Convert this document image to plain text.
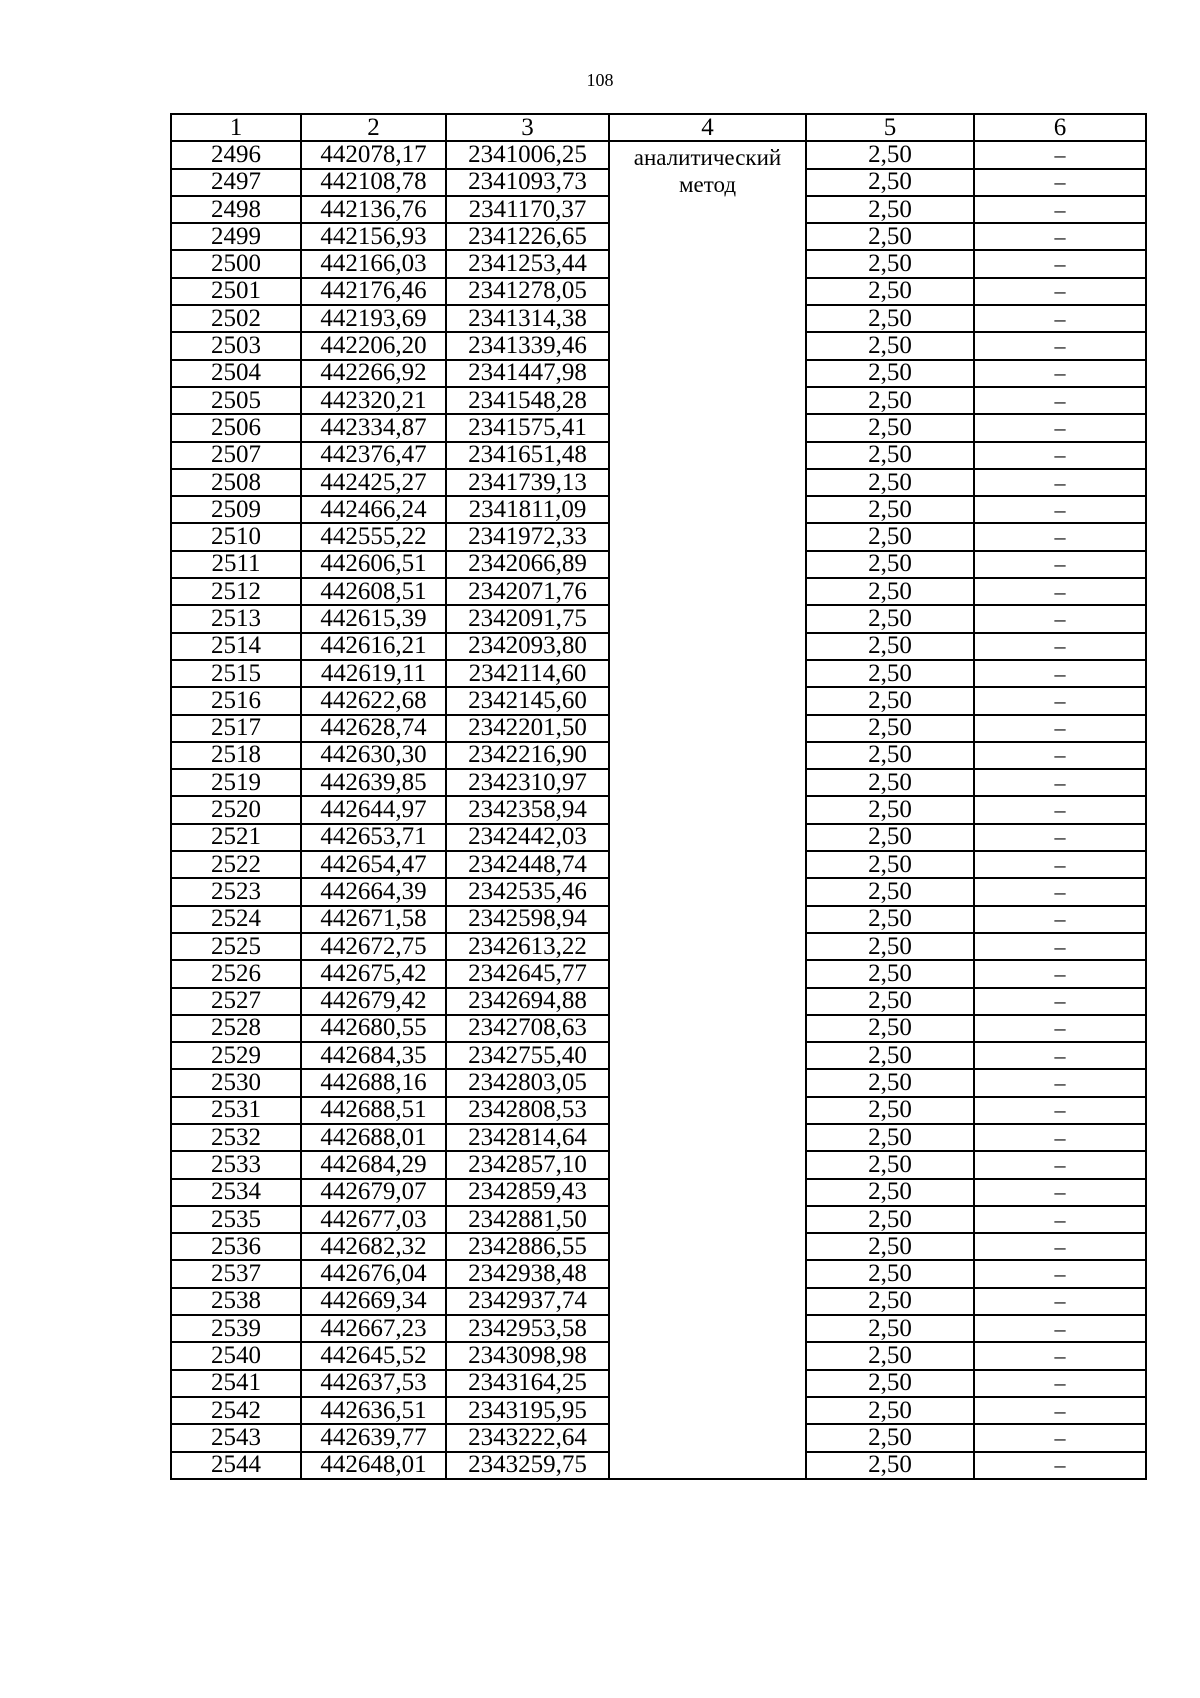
108
1	2	3	4	5	6
2496	442078,17	2341006,25	аналитический метод	2,50	–
2497	442108,78	2341093,73		2,50	–
2498	442136,76	2341170,37		2,50	–
2499	442156,93	2341226,65		2,50	–
2500	442166,03	2341253,44		2,50	–
2501	442176,46	2341278,05		2,50	–
2502	442193,69	2341314,38		2,50	–
2503	442206,20	2341339,46		2,50	–
2504	442266,92	2341447,98		2,50	–
2505	442320,21	2341548,28		2,50	–
2506	442334,87	2341575,41		2,50	–
2507	442376,47	2341651,48		2,50	–
2508	442425,27	2341739,13		2,50	–
2509	442466,24	2341811,09		2,50	–
2510	442555,22	2341972,33		2,50	–
2511	442606,51	2342066,89		2,50	–
2512	442608,51	2342071,76		2,50	–
2513	442615,39	2342091,75		2,50	–
2514	442616,21	2342093,80		2,50	–
2515	442619,11	2342114,60		2,50	–
2516	442622,68	2342145,60		2,50	–
2517	442628,74	2342201,50		2,50	–
2518	442630,30	2342216,90		2,50	–
2519	442639,85	2342310,97		2,50	–
2520	442644,97	2342358,94		2,50	–
2521	442653,71	2342442,03		2,50	–
2522	442654,47	2342448,74		2,50	–
2523	442664,39	2342535,46		2,50	–
2524	442671,58	2342598,94		2,50	–
2525	442672,75	2342613,22		2,50	–
2526	442675,42	2342645,77		2,50	–
2527	442679,42	2342694,88		2,50	–
2528	442680,55	2342708,63		2,50	–
2529	442684,35	2342755,40		2,50	–
2530	442688,16	2342803,05		2,50	–
2531	442688,51	2342808,53		2,50	–
2532	442688,01	2342814,64		2,50	–
2533	442684,29	2342857,10		2,50	–
2534	442679,07	2342859,43		2,50	–
2535	442677,03	2342881,50		2,50	–
2536	442682,32	2342886,55		2,50	–
2537	442676,04	2342938,48		2,50	–
2538	442669,34	2342937,74		2,50	–
2539	442667,23	2342953,58		2,50	–
2540	442645,52	2343098,98		2,50	–
2541	442637,53	2343164,25		2,50	–
2542	442636,51	2343195,95		2,50	–
2543	442639,77	2343222,64		2,50	–
2544	442648,01	2343259,75		2,50	–
